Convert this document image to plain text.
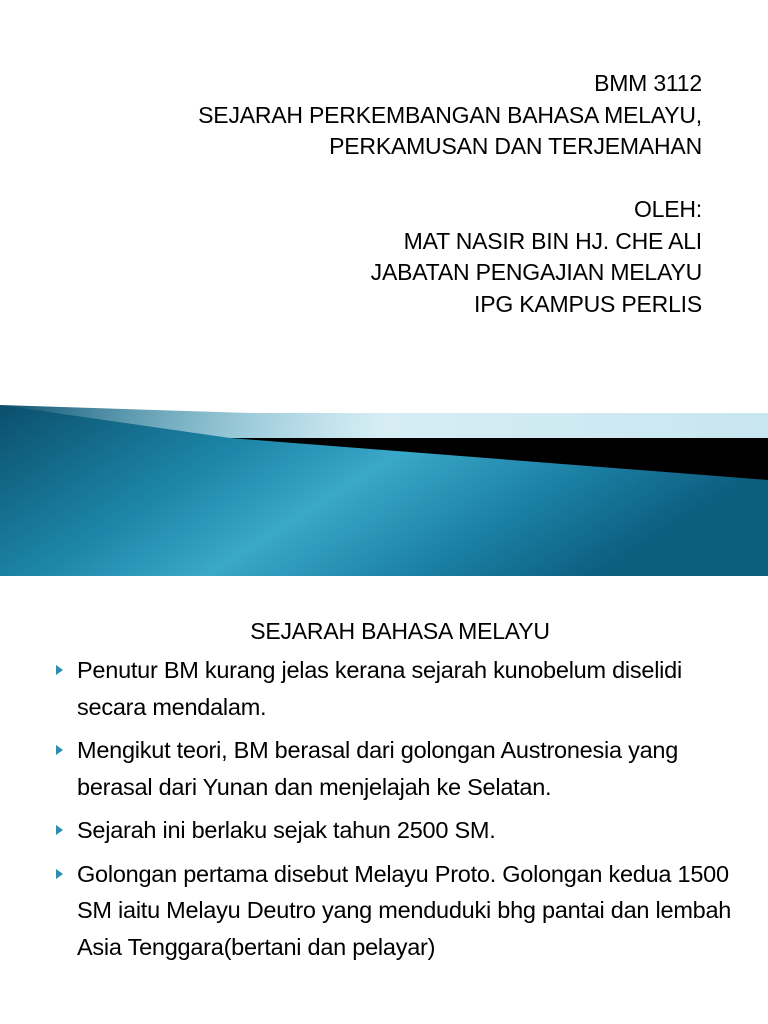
BMM 3112
SEJARAH PERKEMBANGAN BAHASA MELAYU,
PERKAMUSAN DAN TERJEMAHAN
OLEH:
MAT NASIR BIN HJ. CHE ALI
JABATAN PENGAJIAN MELAYU
IPG KAMPUS PERLIS
SEJARAH BAHASA MELAYU
Penutur BM kurang jelas kerana sejarah kunobelum diselidi secara mendalam.
Mengikut teori, BM berasal dari golongan Austronesia yang berasal dari Yunan dan menjelajah ke Selatan.
Sejarah ini berlaku sejak tahun 2500 SM.
Golongan pertama disebut Melayu Proto. Golongan kedua 1500 SM iaitu Melayu Deutro yang menduduki bhg pantai dan lembah Asia Tenggara(bertani dan pelayar)
